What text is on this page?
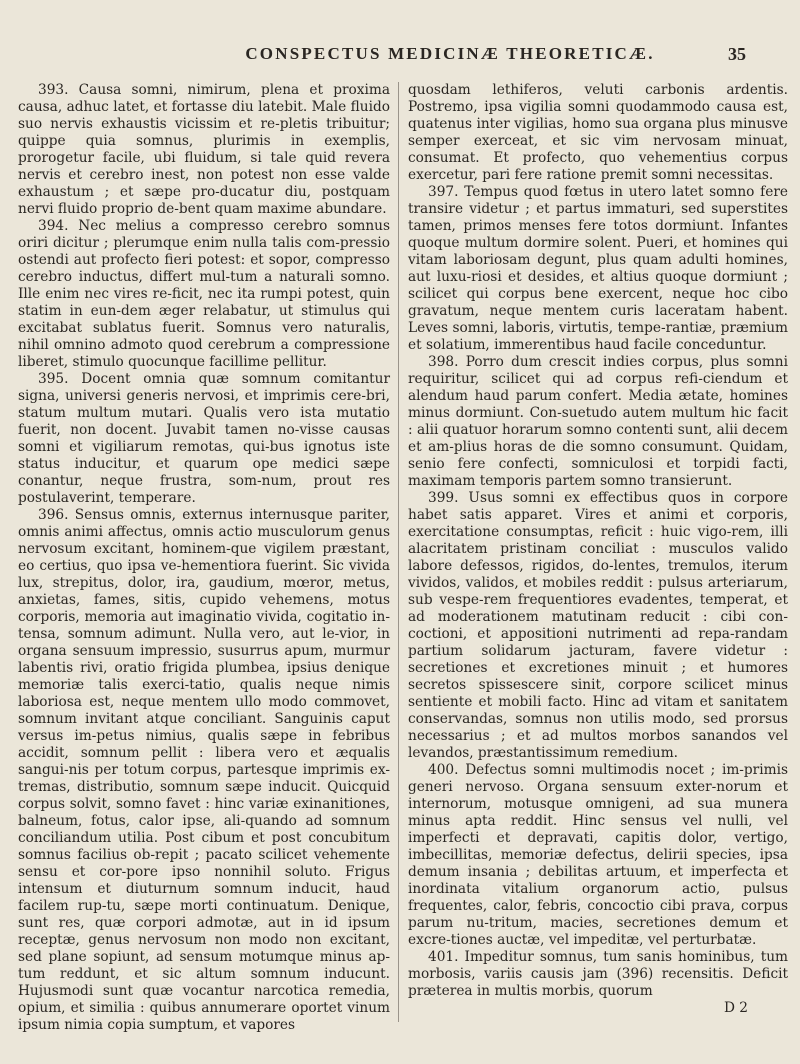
CONSPECTUS MEDICINÆ THEORETICÆ.	35

393. Causa somni, nimirum, plena et proxima causa, adhuc latet, et fortasse diu latebit. Male fluido suo nervis exhaustis vicissim et re-pletis tribuitur; quippe quia somnus, plurimis in exemplis, prorogetur facile, ubi fluidum, si tale quid revera nervis et cerebro inest, non potest non esse valde exhaustum ; et sæpe pro-ducatur diu, postquam nervi fluido proprio de-bent quam maxime abundare.

394. Nec melius a compresso cerebro somnus oriri dicitur ; plerumque enim nulla talis com-pressio ostendi aut profecto fieri potest: et sopor, compresso cerebro inductus, differt mul-tum a naturali somno. Ille enim nec vires re-ficit, nec ita rumpi potest, quin statim in eun-dem æger relabatur, ut stimulus qui excitabat sublatus fuerit. Somnus vero naturalis, nihil omnino admoto quod cerebrum a compressione liberet, stimulo quocunque facillime pellitur.

395. Docent omnia quæ somnum comitantur signa, universi generis nervosi, et imprimis cere-bri, statum multum mutari. Qualis vero ista mutatio fuerit, non docent. Juvabit tamen no-visse causas somni et vigiliarum remotas, qui-bus ignotus iste status inducitur, et quarum ope medici sæpe conantur, neque frustra, som-num, prout res postulaverint, temperare.

396. Sensus omnis, externus internusque pariter, omnis animi affectus, omnis actio musculorum genus nervosum excitant, hominem-que vigilem præstant, eo certius, quo ipsa ve-hementiora fuerint. Sic vivida lux, strepitus, dolor, ira, gaudium, mœror, metus, anxietas, fames, sitis, cupido vehemens, motus corporis, memoria aut imaginatio vivida, cogitatio in-tensa, somnum adimunt. Nulla vero, aut le-vior, in organa sensuum impressio, susurrus apum, murmur labentis rivi, oratio frigida plumbea, ipsius denique memoriæ talis exerci-tatio, qualis neque nimis laboriosa est, neque mentem ullo modo commovet, somnum invitant atque conciliant. Sanguinis caput versus im-petus nimius, qualis sæpe in febribus accidit, somnum pellit : libera vero et æqualis sangui-nis per totum corpus, partesque imprimis ex-tremas, distributio, somnum sæpe inducit. Quicquid corpus solvit, somno favet : hinc variæ exinanitiones, balneum, fotus, calor ipse, ali-quando ad somnum conciliandum utilia. Post cibum et post concubitum somnus facilius ob-repit ; pacato scilicet vehemente sensu et cor-pore ipso nonnihil soluto. Frigus intensum et diuturnum somnum inducit, haud facilem rup-tu, sæpe morti continuatum. Denique, sunt res, quæ corpori admotæ, aut in id ipsum receptæ, genus nervosum non modo non excitant, sed plane sopiunt, ad sensum motumque minus ap-tum reddunt, et sic altum somnum inducunt. Hujusmodi sunt quæ vocantur narcotica remedia, opium, et similia : quibus annumerare oportet vinum ipsum nimia copia sumptum, et vapores

quosdam lethiferos, veluti carbonis ardentis. Postremo, ipsa vigilia somni quodammodo causa est, quatenus inter vigilias, homo sua organa plus minusve semper exerceat, et sic vim nervosam minuat, consumat. Et profecto, quo vehementius corpus exercetur, pari fere ratione premit somni necessitas.

397. Tempus quod fœtus in utero latet somno fere transire videtur ; et partus immaturi, sed superstites tamen, primos menses fere totos dormiunt. Infantes quoque multum dormire solent. Pueri, et homines qui vitam laboriosam degunt, plus quam adulti homines, aut luxu-riosi et desides, et altius quoque dormiunt ; scilicet qui corpus bene exercent, neque hoc cibo gravatum, neque mentem curis laceratam habent. Leves somni, laboris, virtutis, tempe-rantiæ, præmium et solatium, immerentibus haud facile conceduntur.

398. Porro dum crescit indies corpus, plus somni requiritur, scilicet qui ad corpus refi-ciendum et alendum haud parum confert. Media ætate, homines minus dormiunt. Con-suetudo autem multum hic facit : alii quatuor horarum somno contenti sunt, alii decem et am-plius horas de die somno consumunt. Quidam, senio fere confecti, somniculosi et torpidi facti, maximam temporis partem somno transierunt.

399. Usus somni ex effectibus quos in corpore habet satis apparet. Vires et animi et corporis, exercitatione consumptas, reficit : huic vigo-rem, illi alacritatem pristinam conciliat : musculos valido labore defessos, rigidos, do-lentes, tremulos, iterum vividos, validos, et mobiles reddit : pulsus arteriarum, sub vespe-rem frequentiores evadentes, temperat, et ad moderationem matutinam reducit : cibi con-coctioni, et appositioni nutrimenti ad repa-randam partium solidarum jacturam, favere videtur : secretiones et excretiones minuit ; et humores secretos spissescere sinit, corpore scilicet minus sentiente et mobili facto. Hinc ad vitam et sanitatem conservandas, somnus non utilis modo, sed prorsus necessarius ; et ad multos morbos sanandos vel levandos, præstantissimum remedium.

400. Defectus somni multimodis nocet ; im-primis generi nervoso. Organa sensuum exter-norum et internorum, motusque omnigeni, ad sua munera minus apta reddit. Hinc sensus vel nulli, vel imperfecti et depravati, capitis dolor, vertigo, imbecillitas, memoriæ defectus, delirii species, ipsa demum insania ; debilitas artuum, et imperfecta et inordinata vitalium organorum actio, pulsus frequentes, calor, febris, concoctio cibi prava, corpus parum nu-tritum, macies, secretiones demum et excre-tiones auctæ, vel impeditæ, vel perturbatæ.

401. Impeditur somnus, tum sanis hominibus, tum morbosis, variis causis jam (396) recensitis. Deficit præterea in multis morbis, quorum

D 2
